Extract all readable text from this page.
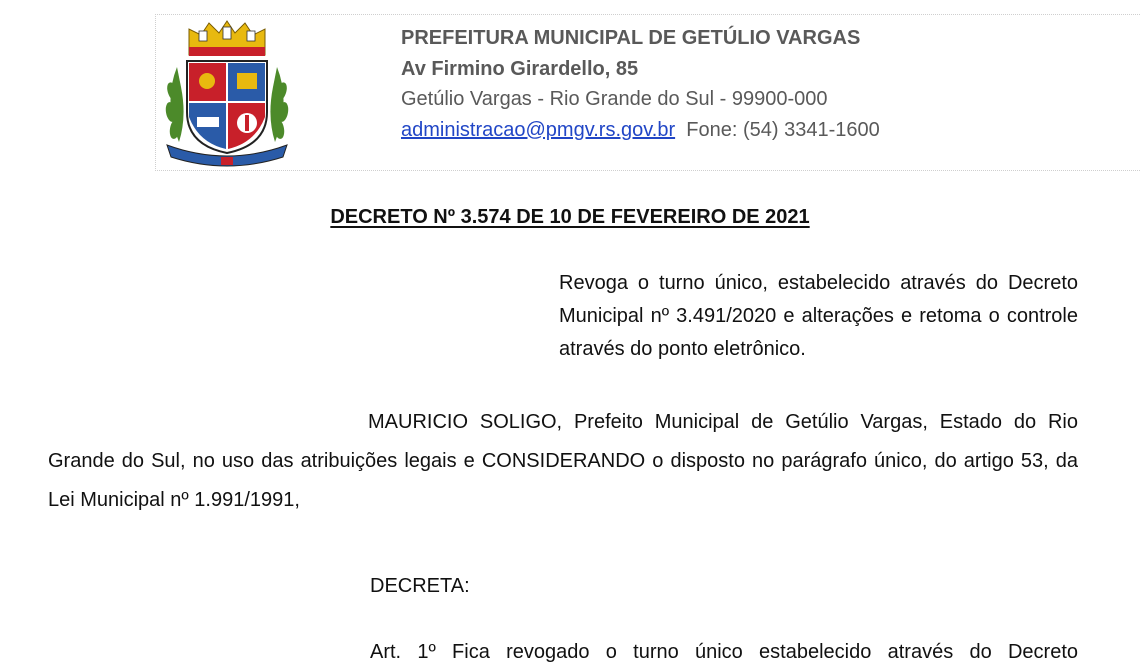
PREFEITURA MUNICIPAL DE GETÚLIO VARGAS
Av Firmino Girardello, 85
Getúlio Vargas - Rio Grande do Sul - 99900-000
administracao@pmgv.rs.gov.br Fone: (54) 3341-1600
DECRETO Nº 3.574 DE 10 DE FEVEREIRO DE 2021
Revoga o turno único, estabelecido através do Decreto Municipal nº 3.491/2020 e alterações e retoma o controle através do ponto eletrônico.
MAURICIO SOLIGO, Prefeito Municipal de Getúlio Vargas, Estado do Rio Grande do Sul, no uso das atribuições legais e CONSIDERANDO o disposto no parágrafo único, do artigo 53, da Lei Municipal nº 1.991/1991,
DECRETA:
Art. 1º Fica revogado o turno único estabelecido através do Decreto
